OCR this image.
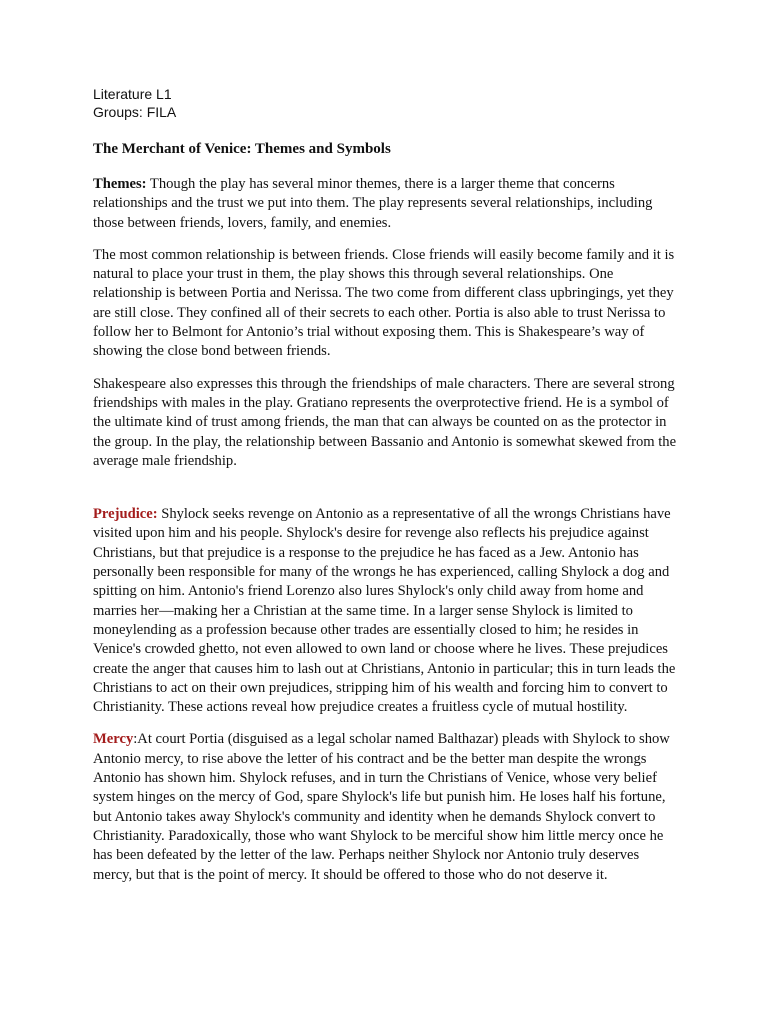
Literature L1
Groups: FILA
The Merchant of Venice: Themes and Symbols

Themes: Though the play has several minor themes, there is a larger theme that concerns relationships and the trust we put into them. The play represents several relationships, including those between friends, lovers, family, and enemies.

The most common relationship is between friends. Close friends will easily become family and it is natural to place your trust in them, the play shows this through several relationships. One relationship is between Portia and Nerissa. The two come from different class upbringings, yet they are still close. They confined all of their secrets to each other. Portia is also able to trust Nerissa to follow her to Belmont for Antonio’s trial without exposing them. This is Shakespeare’s way of showing the close bond between friends.

Shakespeare also expresses this through the friendships of male characters. There are several strong friendships with males in the play. Gratiano represents the overprotective friend. He is a symbol of the ultimate kind of trust among friends, the man that can always be counted on as the protector in the group. In the play, the relationship between Bassanio and Antonio is somewhat skewed from the average male friendship.

Prejudice: Shylock seeks revenge on Antonio as a representative of all the wrongs Christians have visited upon him and his people. Shylock's desire for revenge also reflects his prejudice against Christians, but that prejudice is a response to the prejudice he has faced as a Jew. Antonio has personally been responsible for many of the wrongs he has experienced, calling Shylock a dog and spitting on him. Antonio's friend Lorenzo also lures Shylock's only child away from home and marries her—making her a Christian at the same time. In a larger sense Shylock is limited to moneylending as a profession because other trades are essentially closed to him; he resides in Venice's crowded ghetto, not even allowed to own land or choose where he lives. These prejudices create the anger that causes him to lash out at Christians, Antonio in particular; this in turn leads the Christians to act on their own prejudices, stripping him of his wealth and forcing him to convert to Christianity. These actions reveal how prejudice creates a fruitless cycle of mutual hostility.

Mercy:At court Portia (disguised as a legal scholar named Balthazar) pleads with Shylock to show Antonio mercy, to rise above the letter of his contract and be the better man despite the wrongs Antonio has shown him. Shylock refuses, and in turn the Christians of Venice, whose very belief system hinges on the mercy of God, spare Shylock's life but punish him. He loses half his fortune, but Antonio takes away Shylock's community and identity when he demands Shylock convert to Christianity. Paradoxically, those who want Shylock to be merciful show him little mercy once he has been defeated by the letter of the law. Perhaps neither Shylock nor Antonio truly deserves mercy, but that is the point of mercy. It should be offered to those who do not deserve it.
